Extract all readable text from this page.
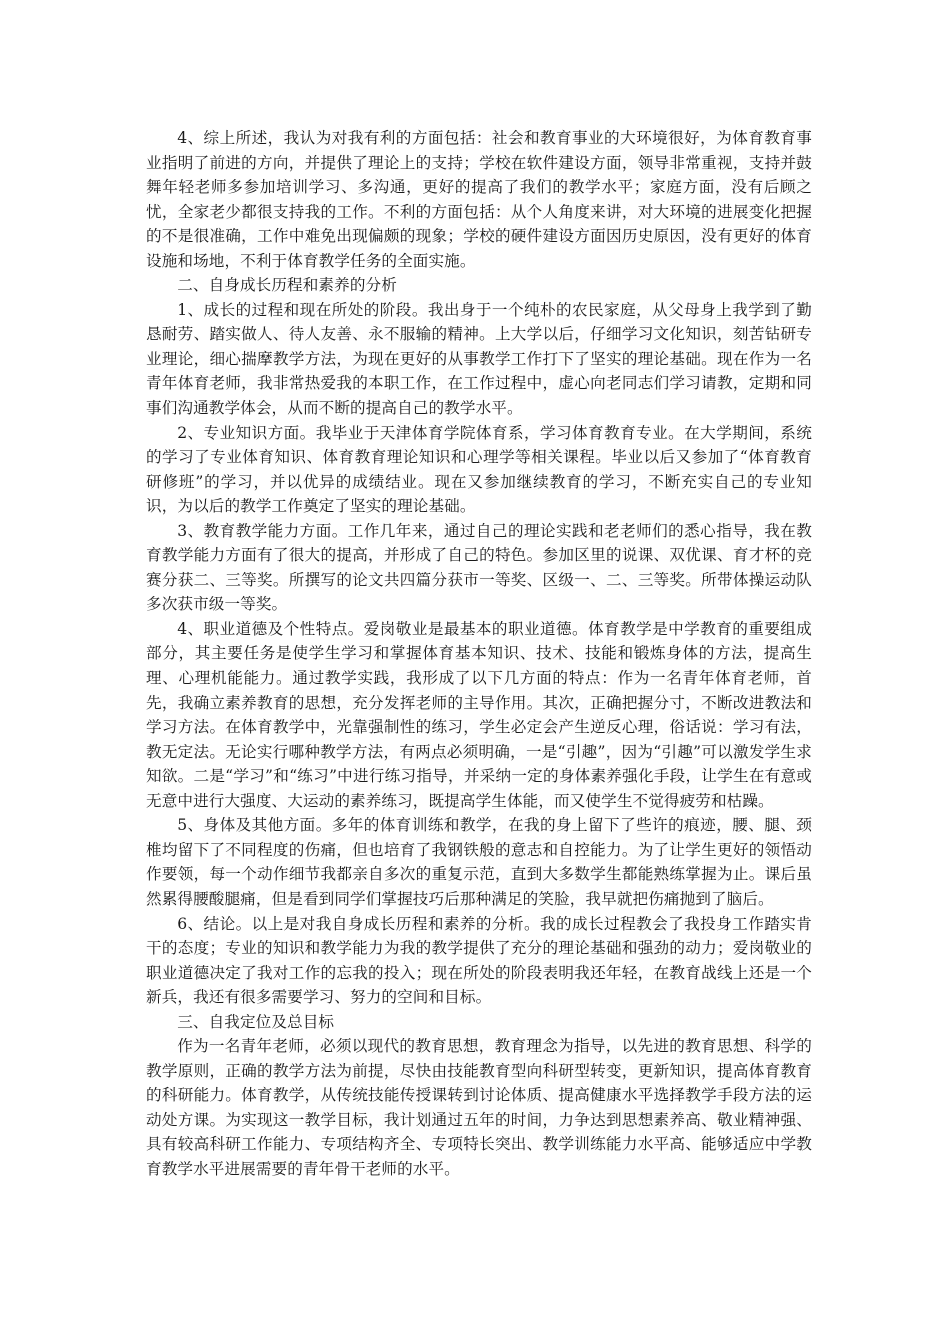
4、综上所述，我认为对我有利的方面包括：社会和教育事业的大环境很好，为体育教育事业指明了前进的方向，并提供了理论上的支持；学校在软件建设方面，领导非常重视，支持并鼓舞年轻老师多参加培训学习、多沟通，更好的提高了我们的教学水平；家庭方面，没有后顾之忧，全家老少都很支持我的工作。不利的方面包括：从个人角度来讲，对大环境的进展变化把握的不是很准确，工作中难免出现偏颇的现象；学校的硬件建设方面因历史原因，没有更好的体育设施和场地，不利于体育教学任务的全面实施。

二、自身成长历程和素养的分析

1、成长的过程和现在所处的阶段。我出身于一个纯朴的农民家庭，从父母身上我学到了勤恳耐劳、踏实做人、待人友善、永不服输的精神。上大学以后，仔细学习文化知识，刻苦钻研专业理论，细心揣摩教学方法，为现在更好的从事教学工作打下了坚实的理论基础。现在作为一名青年体育老师，我非常热爱我的本职工作，在工作过程中，虚心向老同志们学习请教，定期和同事们沟通教学体会，从而不断的提高自己的教学水平。

2、专业知识方面。我毕业于天津体育学院体育系，学习体育教育专业。在大学期间，系统的学习了专业体育知识、体育教育理论知识和心理学等相关课程。毕业以后又参加了“体育教育研修班”的学习，并以优异的成绩结业。现在又参加继续教育的学习，不断充实自己的专业知识，为以后的教学工作奠定了坚实的理论基础。

3、教育教学能力方面。工作几年来，通过自己的理论实践和老老师们的悉心指导，我在教育教学能力方面有了很大的提高，并形成了自己的特色。参加区里的说课、双优课、育才杯的竞赛分获二、三等奖。所撰写的论文共四篇分获市一等奖、区级一、二、三等奖。所带体操运动队多次获市级一等奖。

4、职业道德及个性特点。爱岗敬业是最基本的职业道德。体育教学是中学教育的重要组成部分，其主要任务是使学生学习和掌握体育基本知识、技术、技能和锻炼身体的方法，提高生理、心理机能能力。通过教学实践，我形成了以下几方面的特点：作为一名青年体育老师，首先，我确立素养教育的思想，充分发挥老师的主导作用。其次，正确把握分寸，不断改进教法和学习方法。在体育教学中，光靠强制性的练习，学生必定会产生逆反心理，俗话说：学习有法，教无定法。无论实行哪种教学方法，有两点必须明确，一是“引趣”，因为“引趣”可以激发学生求知欲。二是“学习”和“练习”中进行练习指导，并采纳一定的身体素养强化手段，让学生在有意或无意中进行大强度、大运动的素养练习，既提高学生体能，而又使学生不觉得疲劳和枯躁。

5、身体及其他方面。多年的体育训练和教学，在我的身上留下了些许的痕迹，腰、腿、颈椎均留下了不同程度的伤痛，但也培育了我钢铁般的意志和自控能力。为了让学生更好的领悟动作要领，每一个动作细节我都亲自多次的重复示范，直到大多数学生都能熟练掌握为止。课后虽然累得腰酸腿痛，但是看到同学们掌握技巧后那种满足的笑脸，我早就把伤痛抛到了脑后。

6、结论。以上是对我自身成长历程和素养的分析。我的成长过程教会了我投身工作踏实肯干的态度；专业的知识和教学能力为我的教学提供了充分的理论基础和强劲的动力；爱岗敬业的职业道德决定了我对工作的忘我的投入；现在所处的阶段表明我还年轻，在教育战线上还是一个新兵，我还有很多需要学习、努力的空间和目标。

三、自我定位及总目标

作为一名青年老师，必须以现代的教育思想，教育理念为指导，以先进的教育思想、科学的教学原则，正确的教学方法为前提，尽快由技能教育型向科研型转变，更新知识，提高体育教育的科研能力。体育教学，从传统技能传授课转到讨论体质、提高健康水平选择教学手段方法的运动处方课。为实现这一教学目标，我计划通过五年的时间，力争达到思想素养高、敬业精神强、具有较高科研工作能力、专项结构齐全、专项特长突出、教学训练能力水平高、能够适应中学教育教学水平进展需要的青年骨干老师的水平。
